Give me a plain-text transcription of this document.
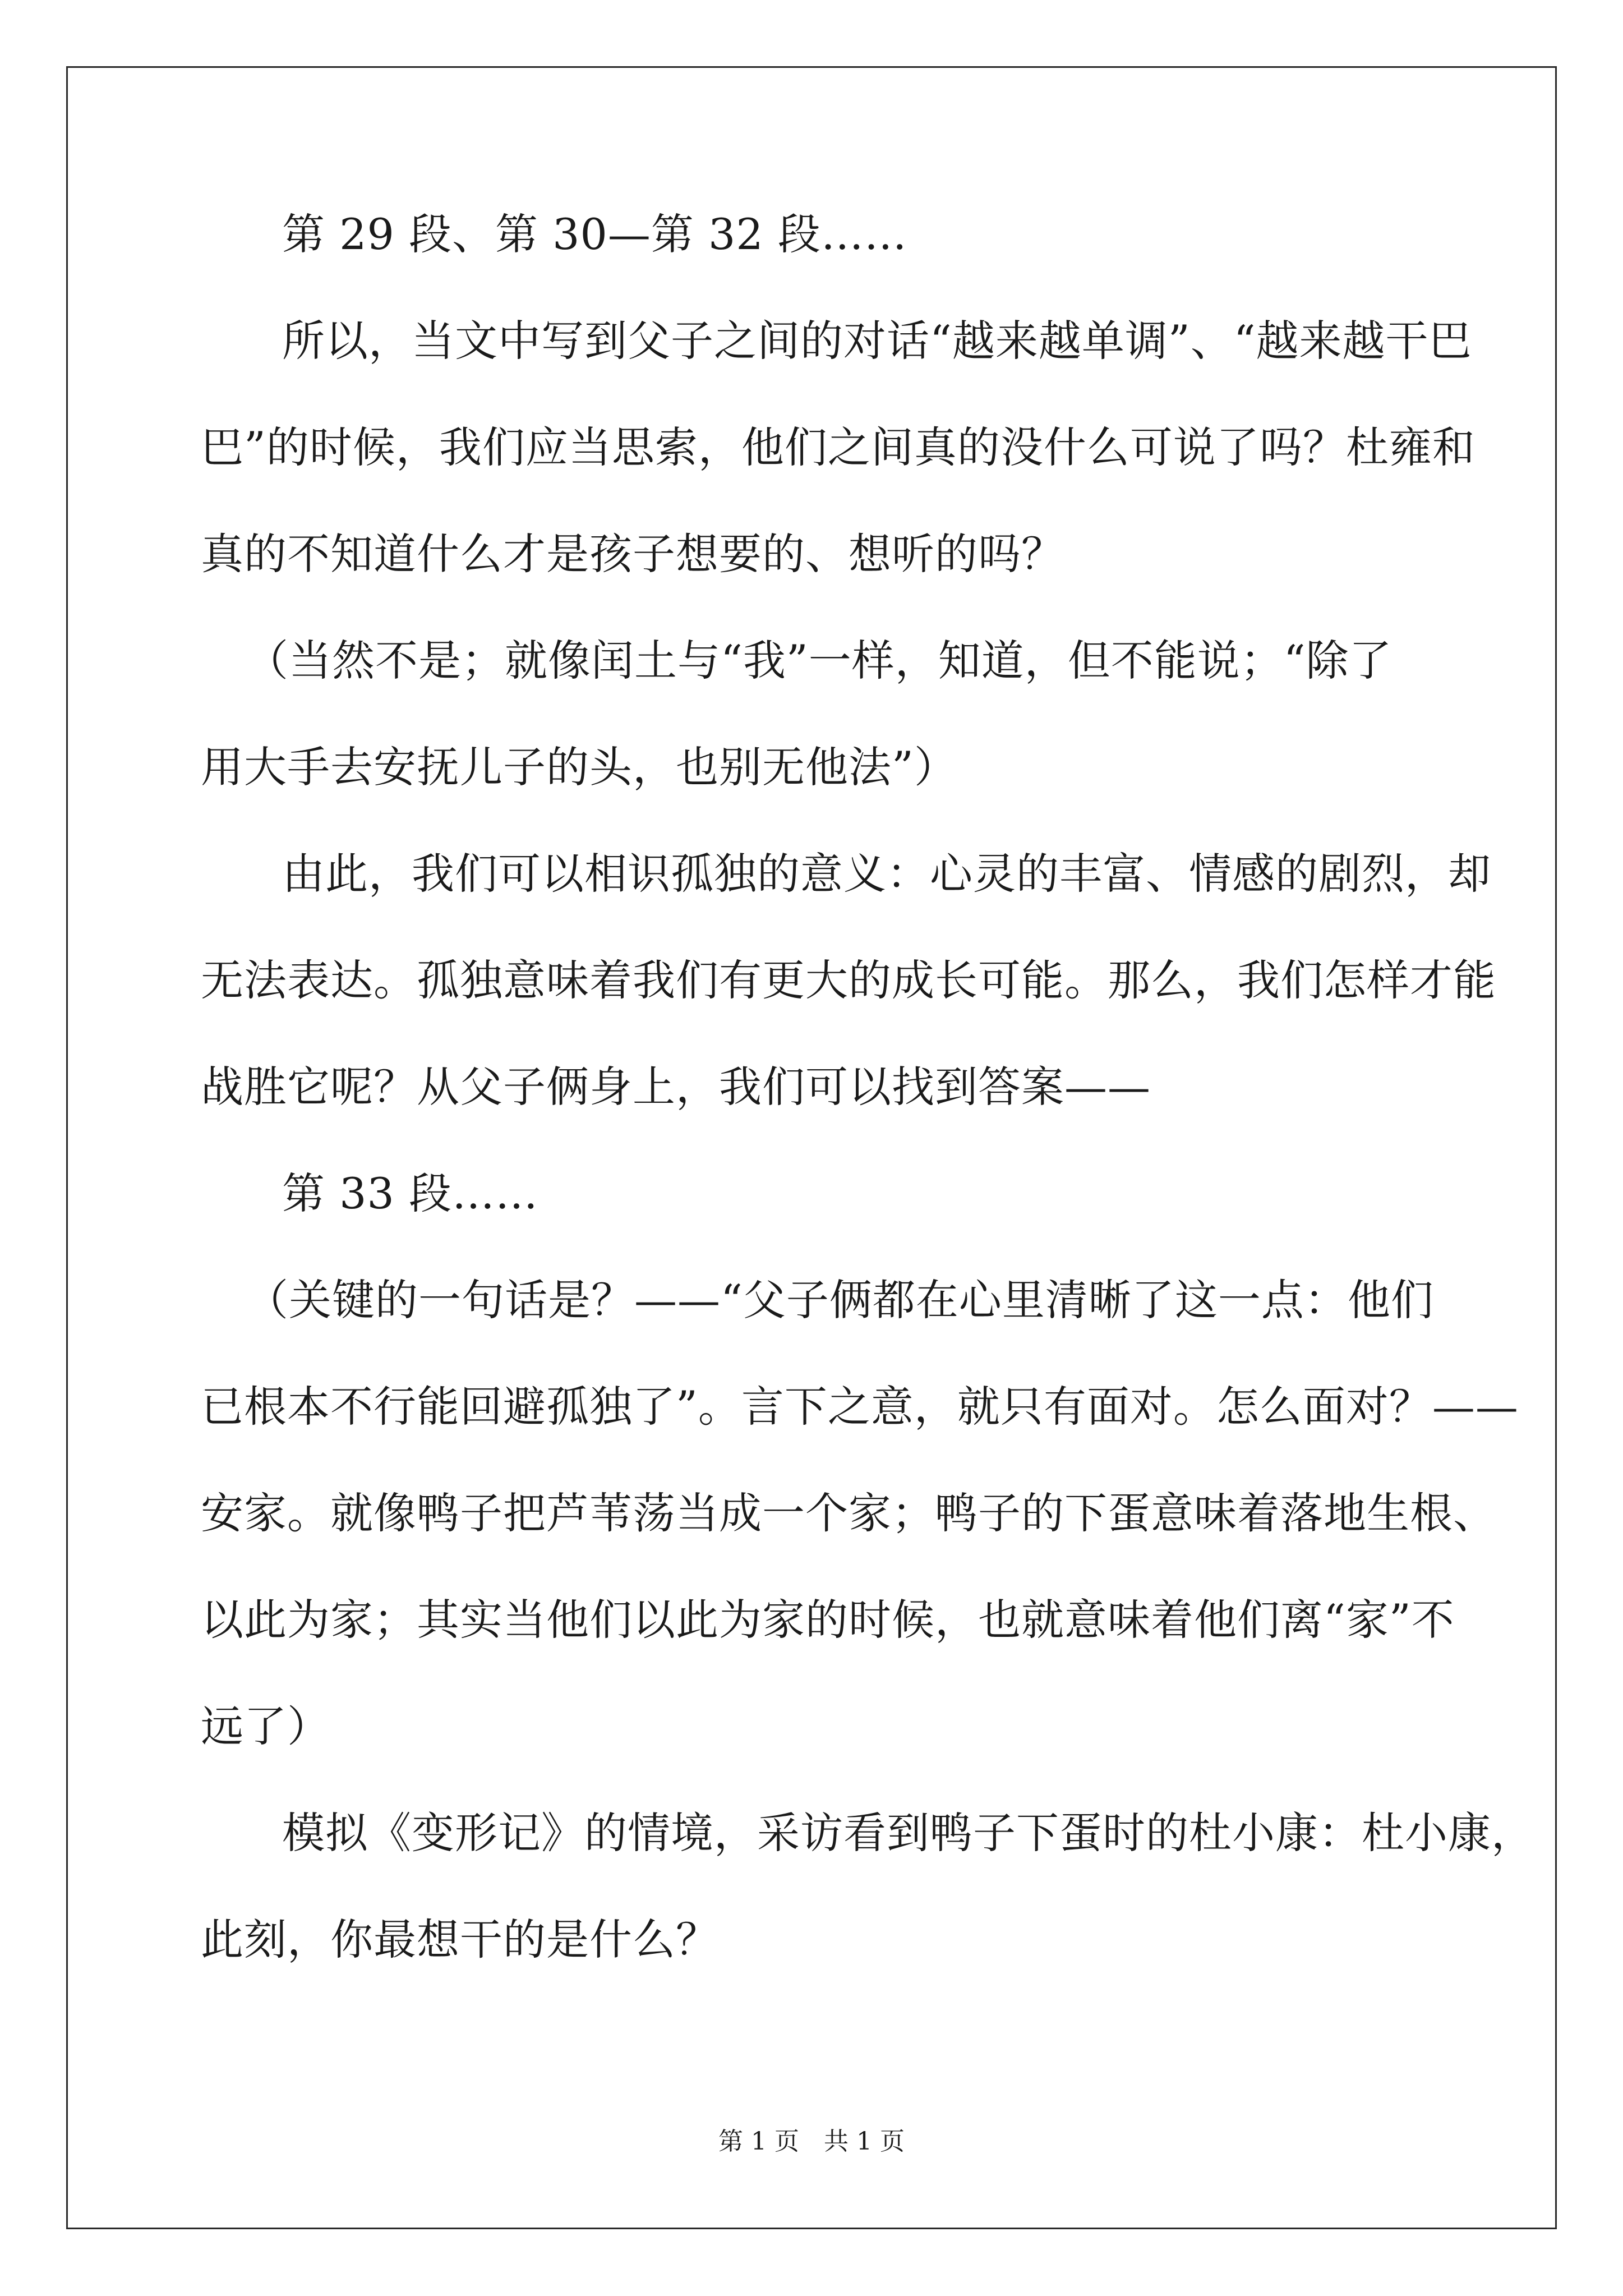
第 29 段、第 30—第 32 段……
所以，当文中写到父子之间的对话“越来越单调”、“越来越干巴
巴”的时候，我们应当思索，他们之间真的没什么可说了吗？杜雍和
真的不知道什么才是孩子想要的、想听的吗？
（当然不是；就像闰土与“我”一样，知道，但不能说；“除了
用大手去安抚儿子的头，也别无他法”）
由此，我们可以相识孤独的意义：心灵的丰富、情感的剧烈，却
无法表达。孤独意味着我们有更大的成长可能。那么，我们怎样才能
战胜它呢？从父子俩身上，我们可以找到答案——
第 33 段……
（关键的一句话是？——“父子俩都在心里清晰了这一点：他们
已根本不行能回避孤独了”。言下之意，就只有面对。怎么面对？——
安家。就像鸭子把芦苇荡当成一个家；鸭子的下蛋意味着落地生根、
以此为家；其实当他们以此为家的时候，也就意味着他们离“家”不
远了）
模拟《变形记》的情境，采访看到鸭子下蛋时的杜小康：杜小康，
此刻，你最想干的是什么？
第 1 页　共 1 页
